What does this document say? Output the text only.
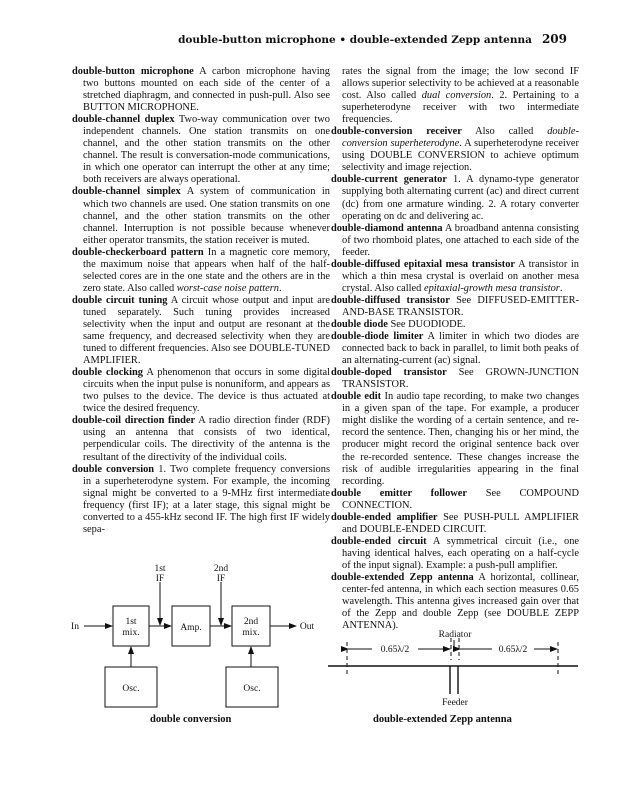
double-button microphone • double-extended Zepp antenna 209

double-button microphone A carbon microphone having two buttons mounted on each side of the center of a stretched diaphragm, and connected in push-pull. Also see BUTTON MICROPHONE.

double-channel duplex Two-way communication over two independent channels. One station transmits on one channel, and the other station transmits on the other channel. The result is conversation-mode communications, in which one operator can interrupt the other at any time; both receivers are always operational.

double-channel simplex A system of communication in which two channels are used. One station transmits on one channel, and the other station transmits on the other channel. Interruption is not possible because whenever either operator transmits, the station receiver is muted.

double-checkerboard pattern In a magnetic core memory, the maximum noise that appears when half of the half-selected cores are in the one state and the others are in the zero state. Also called worst-case noise pattern.

double circuit tuning A circuit whose output and input are tuned separately. Such tuning provides increased selectivity when the input and output are resonant at the same frequency, and decreased selectivity when they are tuned to different frequencies. Also see DOUBLE-TUNED AMPLIFIER.

double clocking A phenomenon that occurs in some digital circuits when the input pulse is nonuniform, and appears as two pulses to the device. The device is thus actuated at twice the desired frequency.

double-coil direction finder A radio direction finder (RDF) using an antenna that consists of two identical, perpendicular coils. The directivity of the antenna is the resultant of the directivity of the individual coils.

double conversion 1. Two complete frequency conversions in a superheterodyne system. For example, the incoming signal might be converted to a 9-MHz first intermediate frequency (first IF); at a later stage, this signal might be converted to a 455-kHz second IF. The high first IF widely sepa-

rates the signal from the image; the low second IF allows superior selectivity to be achieved at a reasonable cost. Also called dual conversion. 2. Pertaining to a superheterodyne receiver with two intermediate frequencies.

double-conversion receiver Also called double-conversion superheterodyne. A superheterodyne receiver using DOUBLE CONVERSION to achieve optimum selectivity and image rejection.

double-current generator 1. A dynamo-type generator supplying both alternating current (ac) and direct current (dc) from one armature winding. 2. A rotary converter operating on dc and delivering ac.

double-diamond antenna A broadband antenna consisting of two rhomboid plates, one attached to each side of the feeder.

double-diffused epitaxial mesa transistor A transistor in which a thin mesa crystal is overlaid on another mesa crystal. Also called epitaxial-growth mesa transistor.

double-diffused transistor See DIFFUSED-EMITTER-AND-BASE TRANSISTOR.

double diode See DUODIODE.

double-diode limiter A limiter in which two diodes are connected back to back in parallel, to limit both peaks of an alternating-current (ac) signal.

double-doped transistor See GROWN-JUNCTION TRANSISTOR.

double edit In audio tape recording, to make two changes in a given span of the tape. For example, a producer might dislike the wording of a certain sentence, and re-record the sentence. Then, changing his or her mind, the producer might record the original sentence back over the re-recorded sentence. These changes increase the risk of audible irregularities appearing in the final recording.

double emitter follower See COMPOUND CONNECTION.

double-ended amplifier See PUSH-PULL AMPLIFIER and DOUBLE-ENDED CIRCUIT.

double-ended circuit A symmetrical circuit (i.e., one having identical halves, each operating on a half-cycle of the input signal). Example: a push-pull amplifier.

double-extended Zepp antenna A horizontal, collinear, center-fed antenna, in which each section measures 0.65 wavelength. This antenna gives increased gain over that of the Zepp and double Zepp (see DOUBLE ZEPP ANTENNA).

In	Out
1st
IF
2nd
IF
1st
mix.	Amp.
2nd
mix.
Osc.	Osc.
Radiator
0.65λ/2	0.65λ/2
Feeder
double conversion	double-extended Zepp antenna
